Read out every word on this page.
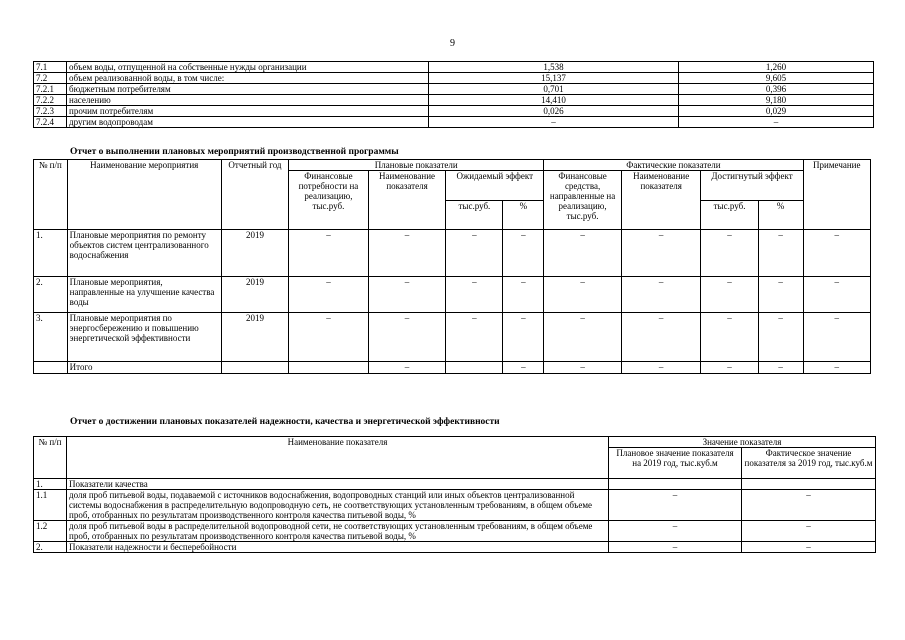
9
7.1	объем воды, отпущенной на собственные нужды организации	1,538	1,260
7.2	объем реализованной воды, в том числе:	15,137	9,605
7.2.1	бюджетным потребителям	0,701	0,396
7.2.2	населению	14,410	9,180
7.2.3	прочим потребителям	0,026	0,029
7.2.4	другим водопроводам	–	–
Отчет о выполнении плановых мероприятий производственной программы
№ п/п	Наименование мероприятия	Отчетный год	Плановые показатели				Фактические показатели				Примечание
			Финансовые потребности на реализацию, тыс.руб.	Наименование показателя	Ожидаемый эффект		Финансовые средства, направленные на реализацию, тыс.руб.	Наименование показателя	Достигнутый эффект		
					тыс.руб.	%			тыс.руб.	%	
1.	Плановые мероприятия по ремонту объектов систем централизованного водоснабжения	2019	–	–	–	–	–	–	–	–	–
2.	Плановые мероприятия, направленные на улучшение качества воды	2019	–	–	–	–	–	–	–	–	–
3.	Плановые мероприятия по энергосбережению и повышению энергетической эффективности	2019	–	–	–	–	–	–	–	–	–
	Итого			–		–	–	–	–	–	–
Отчет о достижении плановых показателей надежности, качества и энергетической эффективности
№ п/п	Наименование показателя	Значение показателя	
		Плановое значение показателя на 2019 год, тыс.куб.м	Фактическое значение показателя за 2019 год, тыс.куб.м
1.	Показатели качества		
1.1	доля проб питьевой воды, подаваемой с источников водоснабжения, водопроводных станций или иных объектов централизованной системы водоснабжения в распределительную водопроводную сеть, не соответствующих установленным требованиям, в общем объеме проб, отобранных по результатам производственного контроля качества питьевой воды, %	–	–
1.2	доля проб питьевой воды в распределительной водопроводной сети, не соответствующих установленным требованиям, в общем объеме проб, отобранных по результатам производственного контроля качества питьевой воды, %	–	–
2.	Показатели надежности и бесперебойности	–	–
